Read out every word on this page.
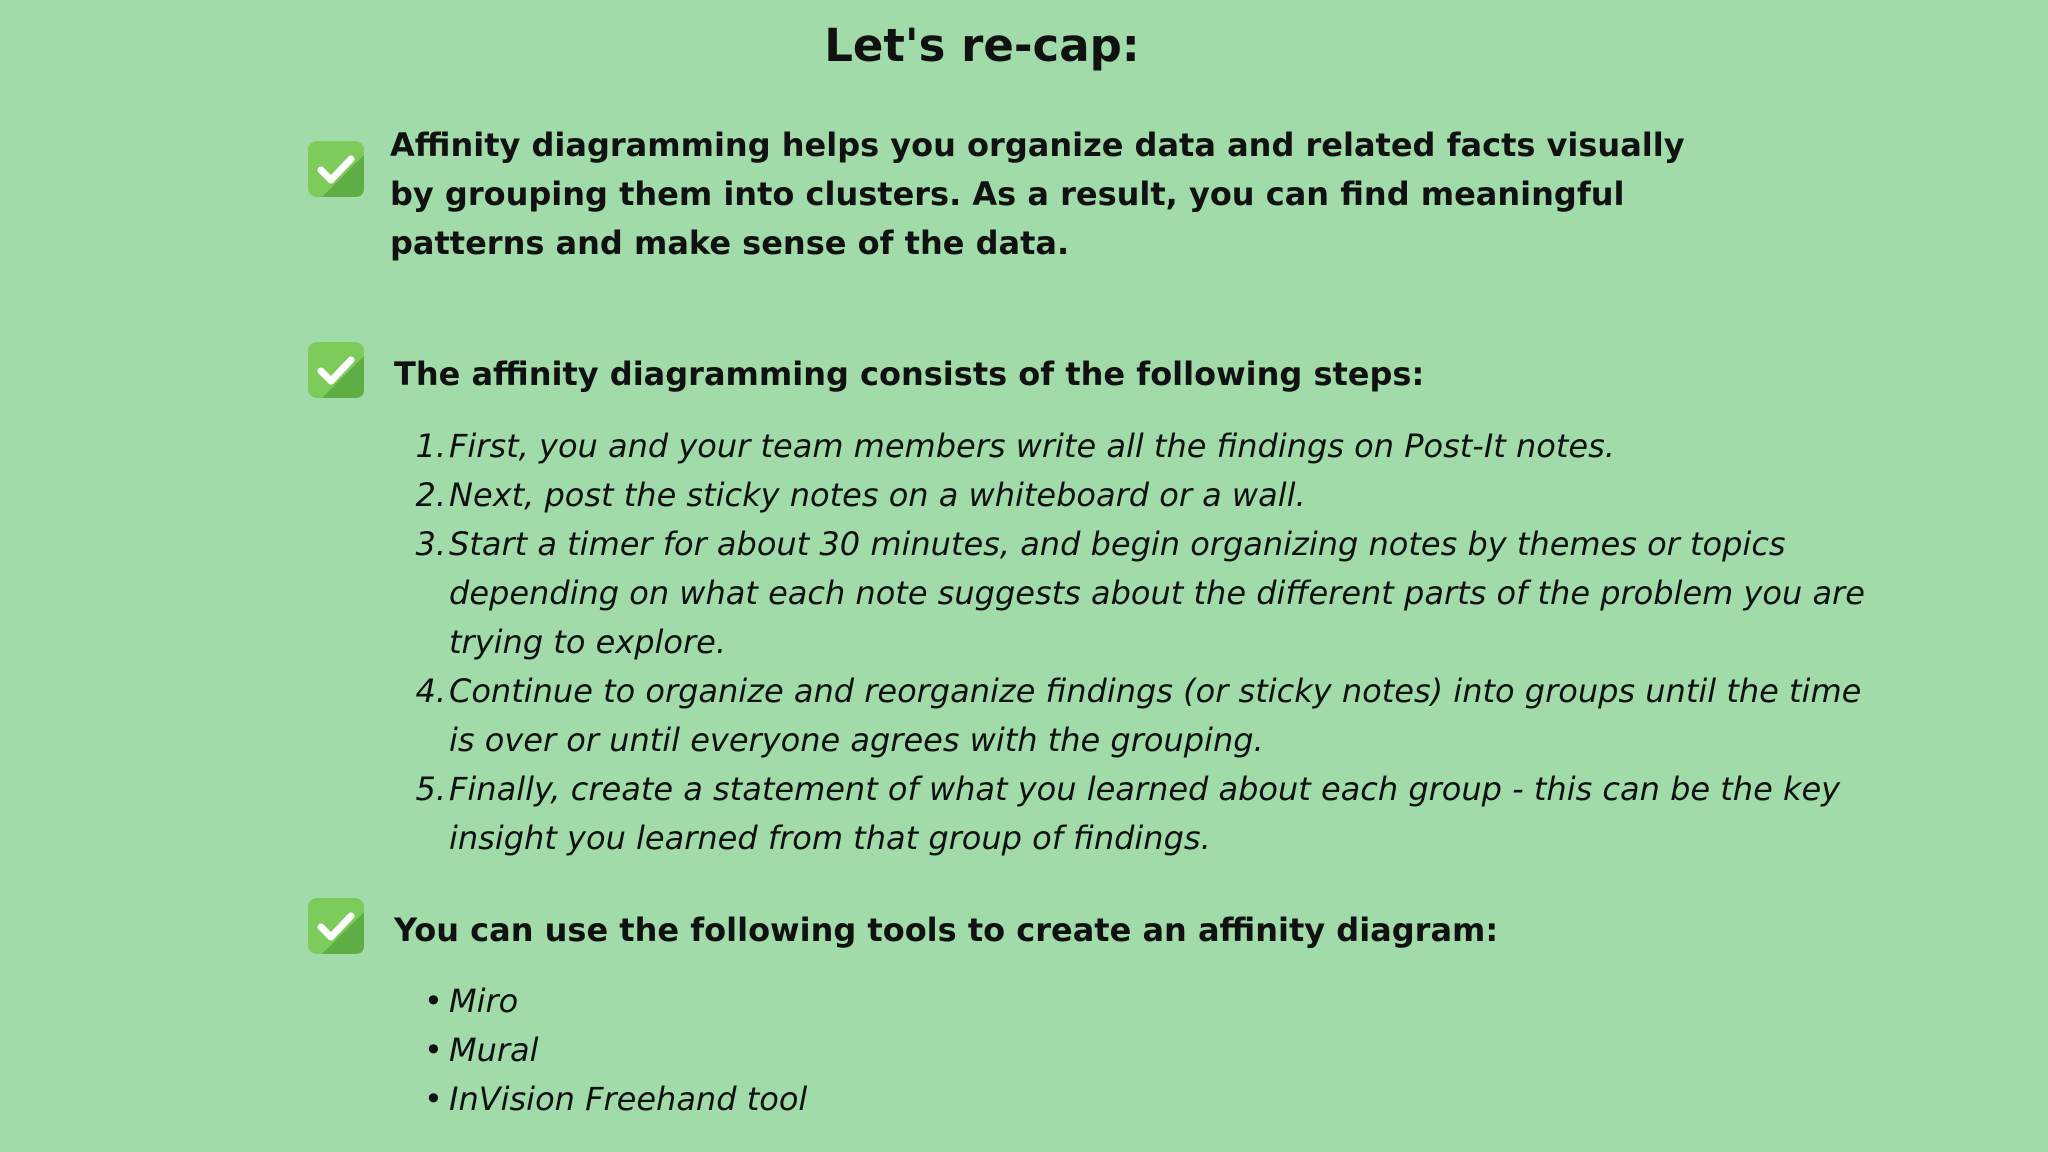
Let's re-cap:

Affinity diagramming helps you organize data and related facts visually by grouping them into clusters. As a result, you can find meaningful patterns and make sense of the data.

The affinity diagramming consists of the following steps:

1. First, you and your team members write all the findings on Post-It notes.
2. Next, post the sticky notes on a whiteboard or a wall.
3. Start a timer for about 30 minutes, and begin organizing notes by themes or topics depending on what each note suggests about the different parts of the problem you are trying to explore.
4. Continue to organize and reorganize findings (or sticky notes) into groups until the time is over or until everyone agrees with the grouping.
5. Finally, create a statement of what you learned about each group - this can be the key insight you learned from that group of findings.

You can use the following tools to create an affinity diagram:

• Miro
• Mural
• InVision Freehand tool
